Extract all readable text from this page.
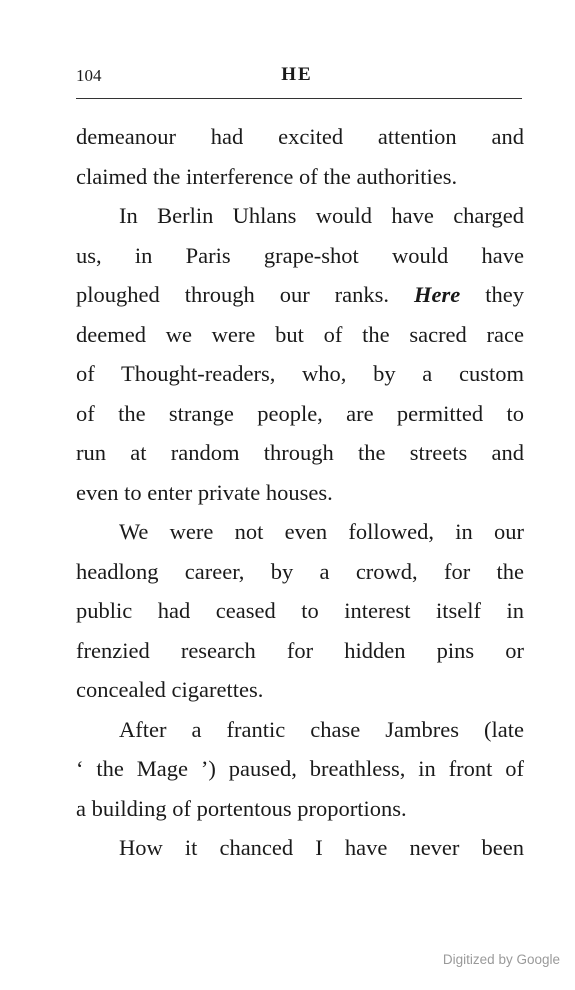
104	HE
demeanour had excited attention and
claimed the interference of the authorities.
In Berlin Uhlans would have charged
us, in Paris grape-shot would have
ploughed through our ranks. Here they
deemed we were but of the sacred race
of Thought-readers, who, by a custom
of the strange people, are permitted to
run at random through the streets and
even to enter private houses.
We were not even followed, in our
headlong career, by a crowd, for the
public had ceased to interest itself in
frenzied research for hidden pins or
concealed cigarettes.
After a frantic chase Jambres (late
‘ the Mage ’) paused, breathless, in front of
a building of portentous proportions.
How it chanced I have never been
Digitized by Google
